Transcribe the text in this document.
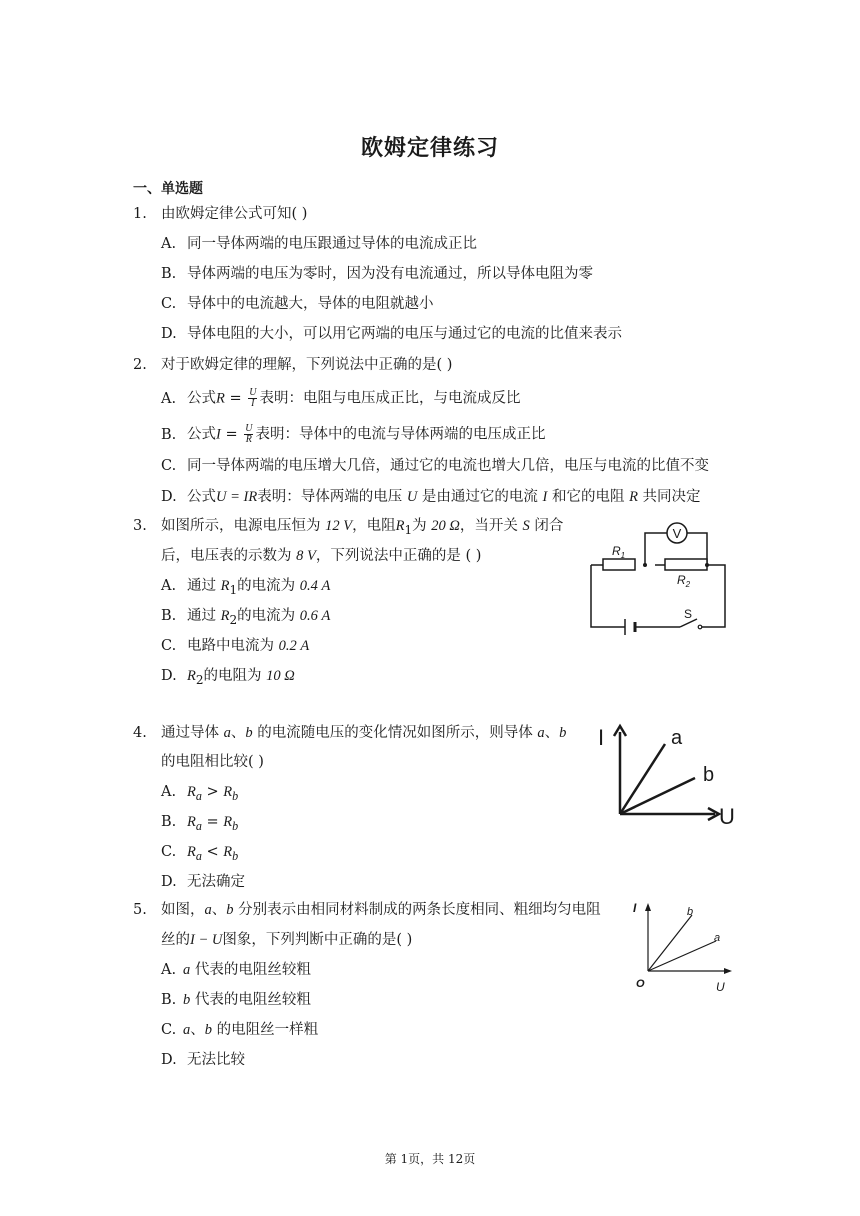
欧姆定律练习
一、单选题
1. 由欧姆定律公式可知( )
A. 同一导体两端的电压跟通过导体的电流成正比
B. 导体两端的电压为零时，因为没有电流通过，所以导体电阻为零
C. 导体中的电流越大，导体的电阻就越小
D. 导体电阻的大小，可以用它两端的电压与通过它的电流的比值来表示
2. 对于欧姆定律的理解，下列说法中正确的是( )
A. 公式$R = \frac{U}{I}$ 表明：电阻与电压成正比，与电流成反比
B. 公式$I = \frac{U}{R}$ 表明：导体中的电流与导体两端的电压成正比
C. 同一导体两端的电压增大几倍，通过它的电流也增大几倍，电压与电流的比值不变
D. 公式U = IR表明：导体两端的电压 U 是由通过它的电流 I 和它的电阻 R 共同决定
3. 如图所示，电源电压恒为 12 V，电阻$R_1$为 20 Ω，当开关 S 闭合
后，电压表的示数为 8 V，下列说法中正确的是 ( )
A. 通过 $R_1$的电流为 0.4 A
B. 通过 $R_2$的电流为 0.6 A
C. 电路中电流为 0.2 A
D. $R_2$的电阻为 10 Ω
V
S
$R_1$
$R_2$
4. 通过导体 a、b 的电流随电压的变化情况如图所示，则导体 a、b
的电阻相比较( )
A. $R_a > R_b$
B. $R_a = R_b$
C. $R_a < R_b$
D. 无法确定
I
U
a
b
5. 如图，a、b 分别表示由相同材料制成的两条长度相同、粗细均匀电阻
丝的I − U图象，下列判断中正确的是( )
A. a 代表的电阻丝较粗
B. b 代表的电阻丝较粗
C. a、b 的电阻丝一样粗
D. 无法比较
I
U
O
b
a
第 1页，共 12页
